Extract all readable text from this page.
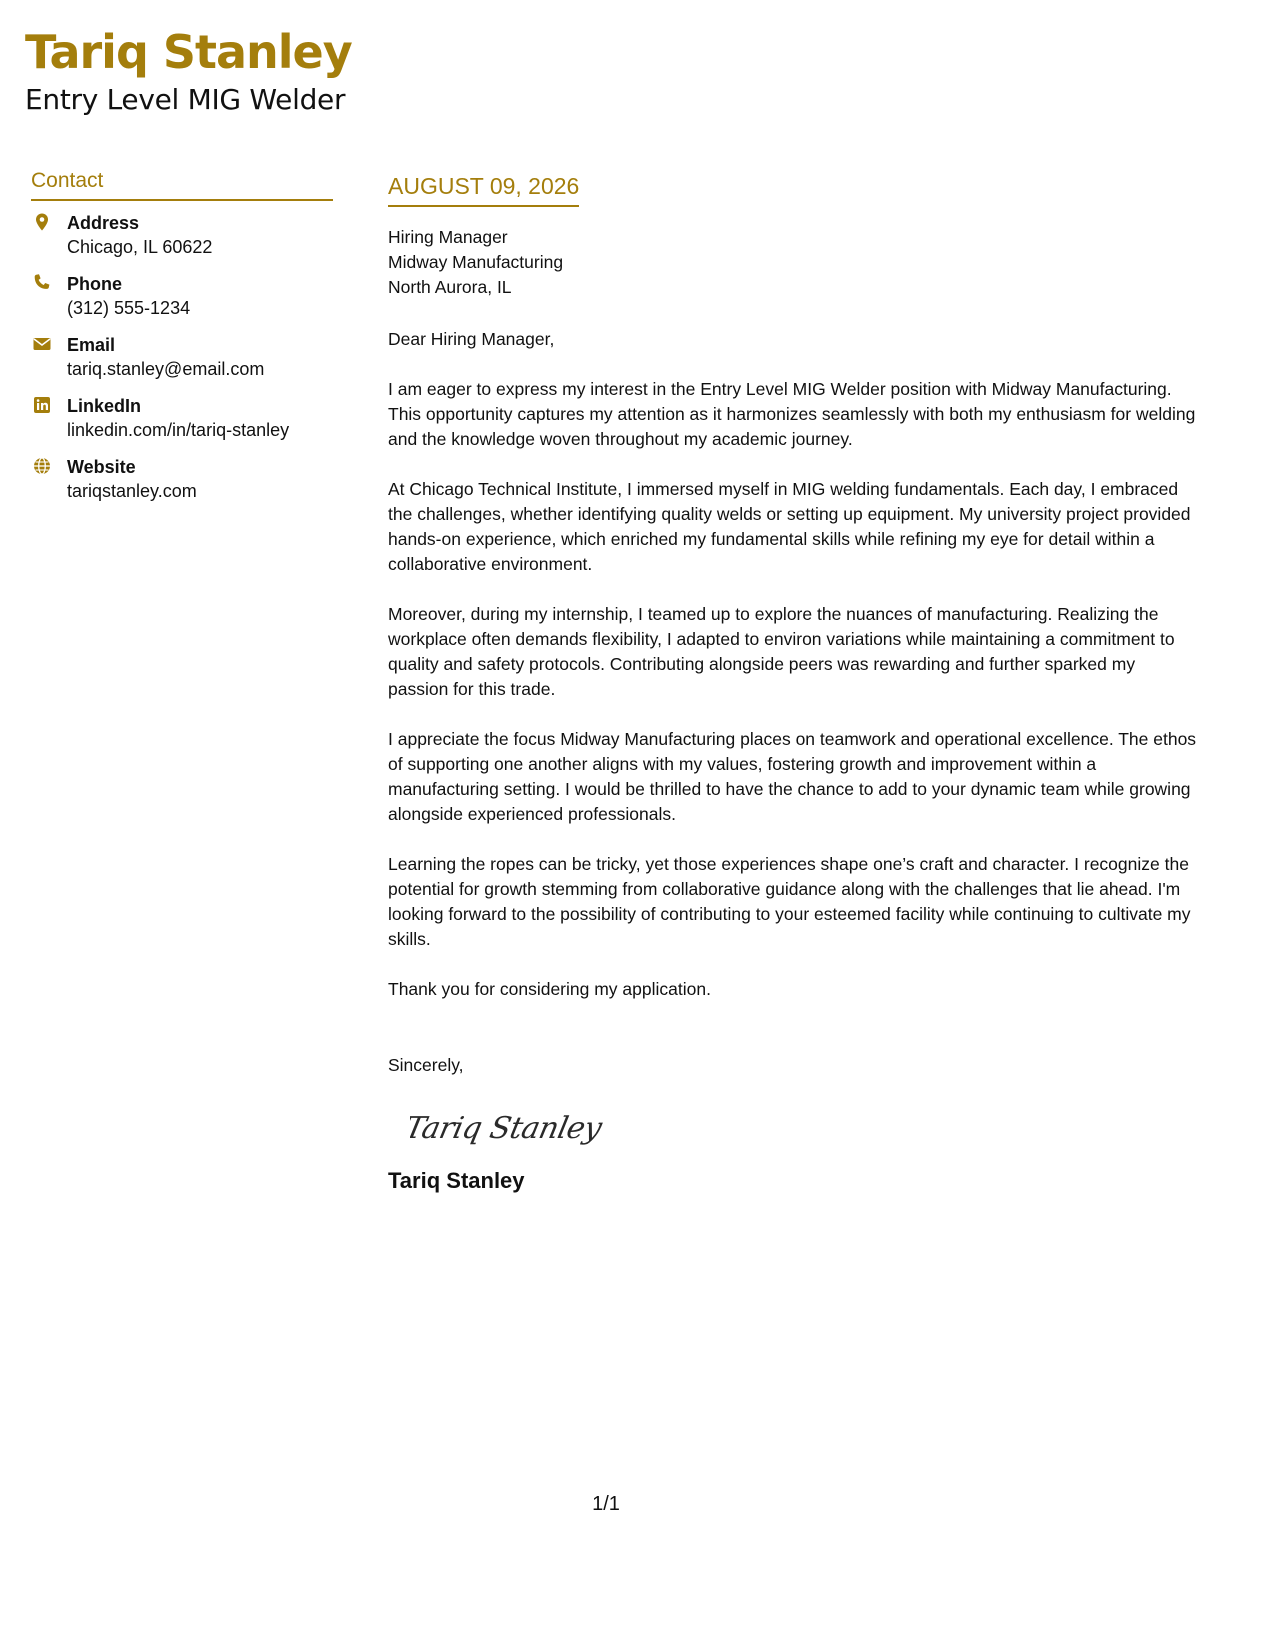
Tariq Stanley
Entry Level MIG Welder
Contact
Address
Chicago, IL 60622
Phone
(312) 555-1234
Email
tariq.stanley@email.com
LinkedIn
linkedin.com/in/tariq-stanley
Website
tariqstanley.com
AUGUST 09, 2026
Hiring Manager
Midway Manufacturing
North Aurora, IL
Dear Hiring Manager,
I am eager to express my interest in the Entry Level MIG Welder position with Midway Manufacturing. This opportunity captures my attention as it harmonizes seamlessly with both my enthusiasm for welding and the knowledge woven throughout my academic journey.
At Chicago Technical Institute, I immersed myself in MIG welding fundamentals. Each day, I embraced the challenges, whether identifying quality welds or setting up equipment. My university project provided hands-on experience, which enriched my fundamental skills while refining my eye for detail within a collaborative environment.
Moreover, during my internship, I teamed up to explore the nuances of manufacturing. Realizing the workplace often demands flexibility, I adapted to environ variations while maintaining a commitment to quality and safety protocols. Contributing alongside peers was rewarding and further sparked my passion for this trade.
I appreciate the focus Midway Manufacturing places on teamwork and operational excellence. The ethos of supporting one another aligns with my values, fostering growth and improvement within a manufacturing setting. I would be thrilled to have the chance to add to your dynamic team while growing alongside experienced professionals.
Learning the ropes can be tricky, yet those experiences shape one’s craft and character. I recognize the potential for growth stemming from collaborative guidance along with the challenges that lie ahead. I'm looking forward to the possibility of contributing to your esteemed facility while continuing to cultivate my skills.
Thank you for considering my application.
Sincerely,
Tariq Stanley
Tariq Stanley
1/1
